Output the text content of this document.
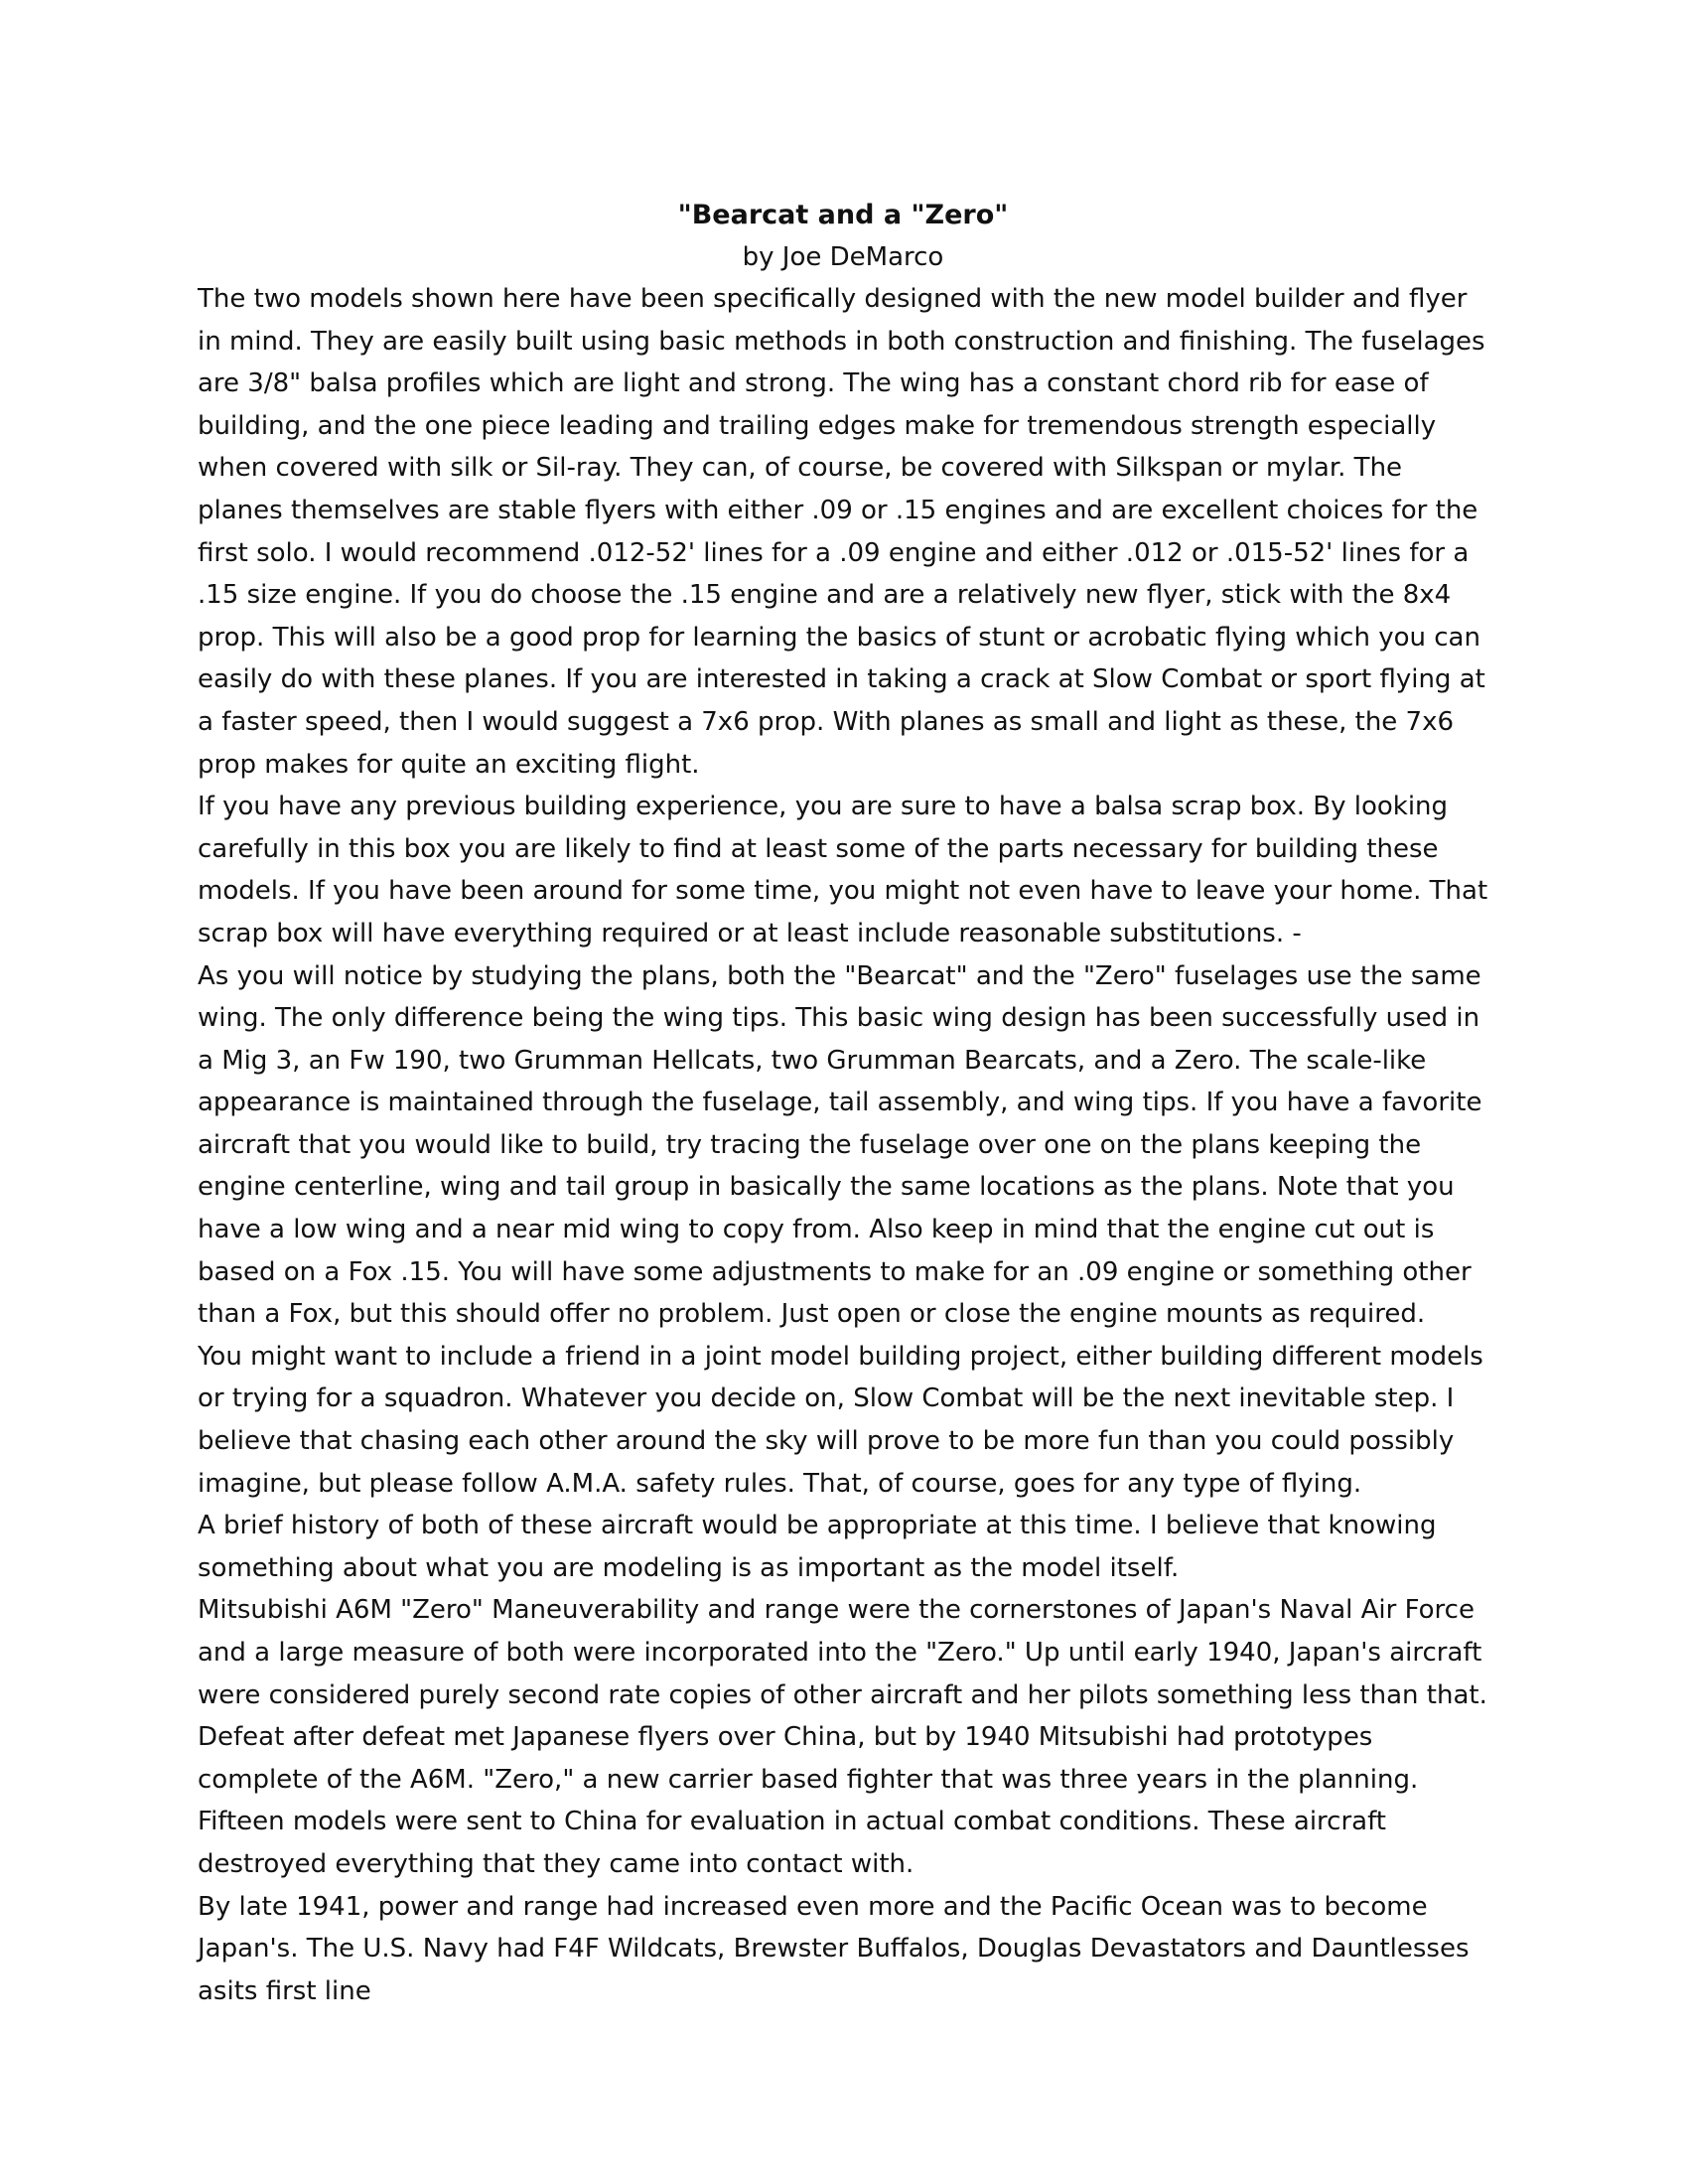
"Bearcat and a "Zero"

by Joe DeMarco

The two models shown here have been specifically designed with the new model builder and flyer in mind. They are easily built using basic methods in both construction and finishing. The fuselages are 3/8" balsa profiles which are light and strong. The wing has a constant chord rib for ease of building, and the one piece leading and trailing edges make for tremendous strength especially when covered with silk or Sil-ray. They can, of course, be covered with Silkspan or mylar. The planes themselves are stable flyers with either .09 or .15 engines and are excellent choices for the first solo. I would recommend .012-52' lines for a .09 engine and either .012 or .015-52' lines for a .15 size engine. If you do choose the .15 engine and are a relatively new flyer, stick with the 8x4 prop. This will also be a good prop for learning the basics of stunt or acrobatic flying which you can easily do with these planes. If you are interested in taking a crack at Slow Combat or sport flying at a faster speed, then I would suggest a 7x6 prop. With planes as small and light as these, the 7x6 prop makes for quite an exciting flight.

If you have any previous building experience, you are sure to have a balsa scrap box. By looking carefully in this box you are likely to find at least some of the parts necessary for building these models. If you have been around for some time, you might not even have to leave your home. That scrap box will have everything required or at least include reasonable substitutions. -

As you will notice by studying the plans, both the "Bearcat" and the "Zero" fuselages use the same wing. The only difference being the wing tips. This basic wing design has been successfully used in a Mig 3, an Fw 190, two Grumman Hellcats, two Grumman Bearcats, and a Zero. The scale-like appearance is maintained through the fuselage, tail assembly, and wing tips. If you have a favorite aircraft that you would like to build, try tracing the fuselage over one on the plans keeping the engine centerline, wing and tail group in basically the same locations as the plans. Note that you have a low wing and a near mid wing to copy from. Also keep in mind that the engine cut out is based on a Fox .15. You will have some adjustments to make for an .09 engine or something other than a Fox, but this should offer no problem. Just open or close the engine mounts as required.

You might want to include a friend in a joint model building project, either building different models or trying for a squadron. Whatever you decide on, Slow Combat will be the next inevitable step. I believe that chasing each other around the sky will prove to be more fun than you could possibly imagine, but please follow A.M.A. safety rules. That, of course, goes for any type of flying.

A brief history of both of these aircraft would be appropriate at this time. I believe that knowing something about what you are modeling is as important as the model itself.

Mitsubishi A6M "Zero" Maneuverability and range were the cornerstones of Japan's Naval Air Force and a large measure of both were incorporated into the "Zero." Up until early 1940, Japan's aircraft were considered purely second rate copies of other aircraft and her pilots something less than that. Defeat after defeat met Japanese flyers over China, but by 1940 Mitsubishi had prototypes complete of the A6M. "Zero," a new carrier based fighter that was three years in the planning. Fifteen models were sent to China for evaluation in actual combat conditions. These aircraft destroyed everything that they came into contact with.

By late 1941, power and range had increased even more and the Pacific Ocean was to become Japan's. The U.S. Navy had F4F Wildcats, Brewster Buffalos, Douglas Devastators and Dauntlesses asits first line
